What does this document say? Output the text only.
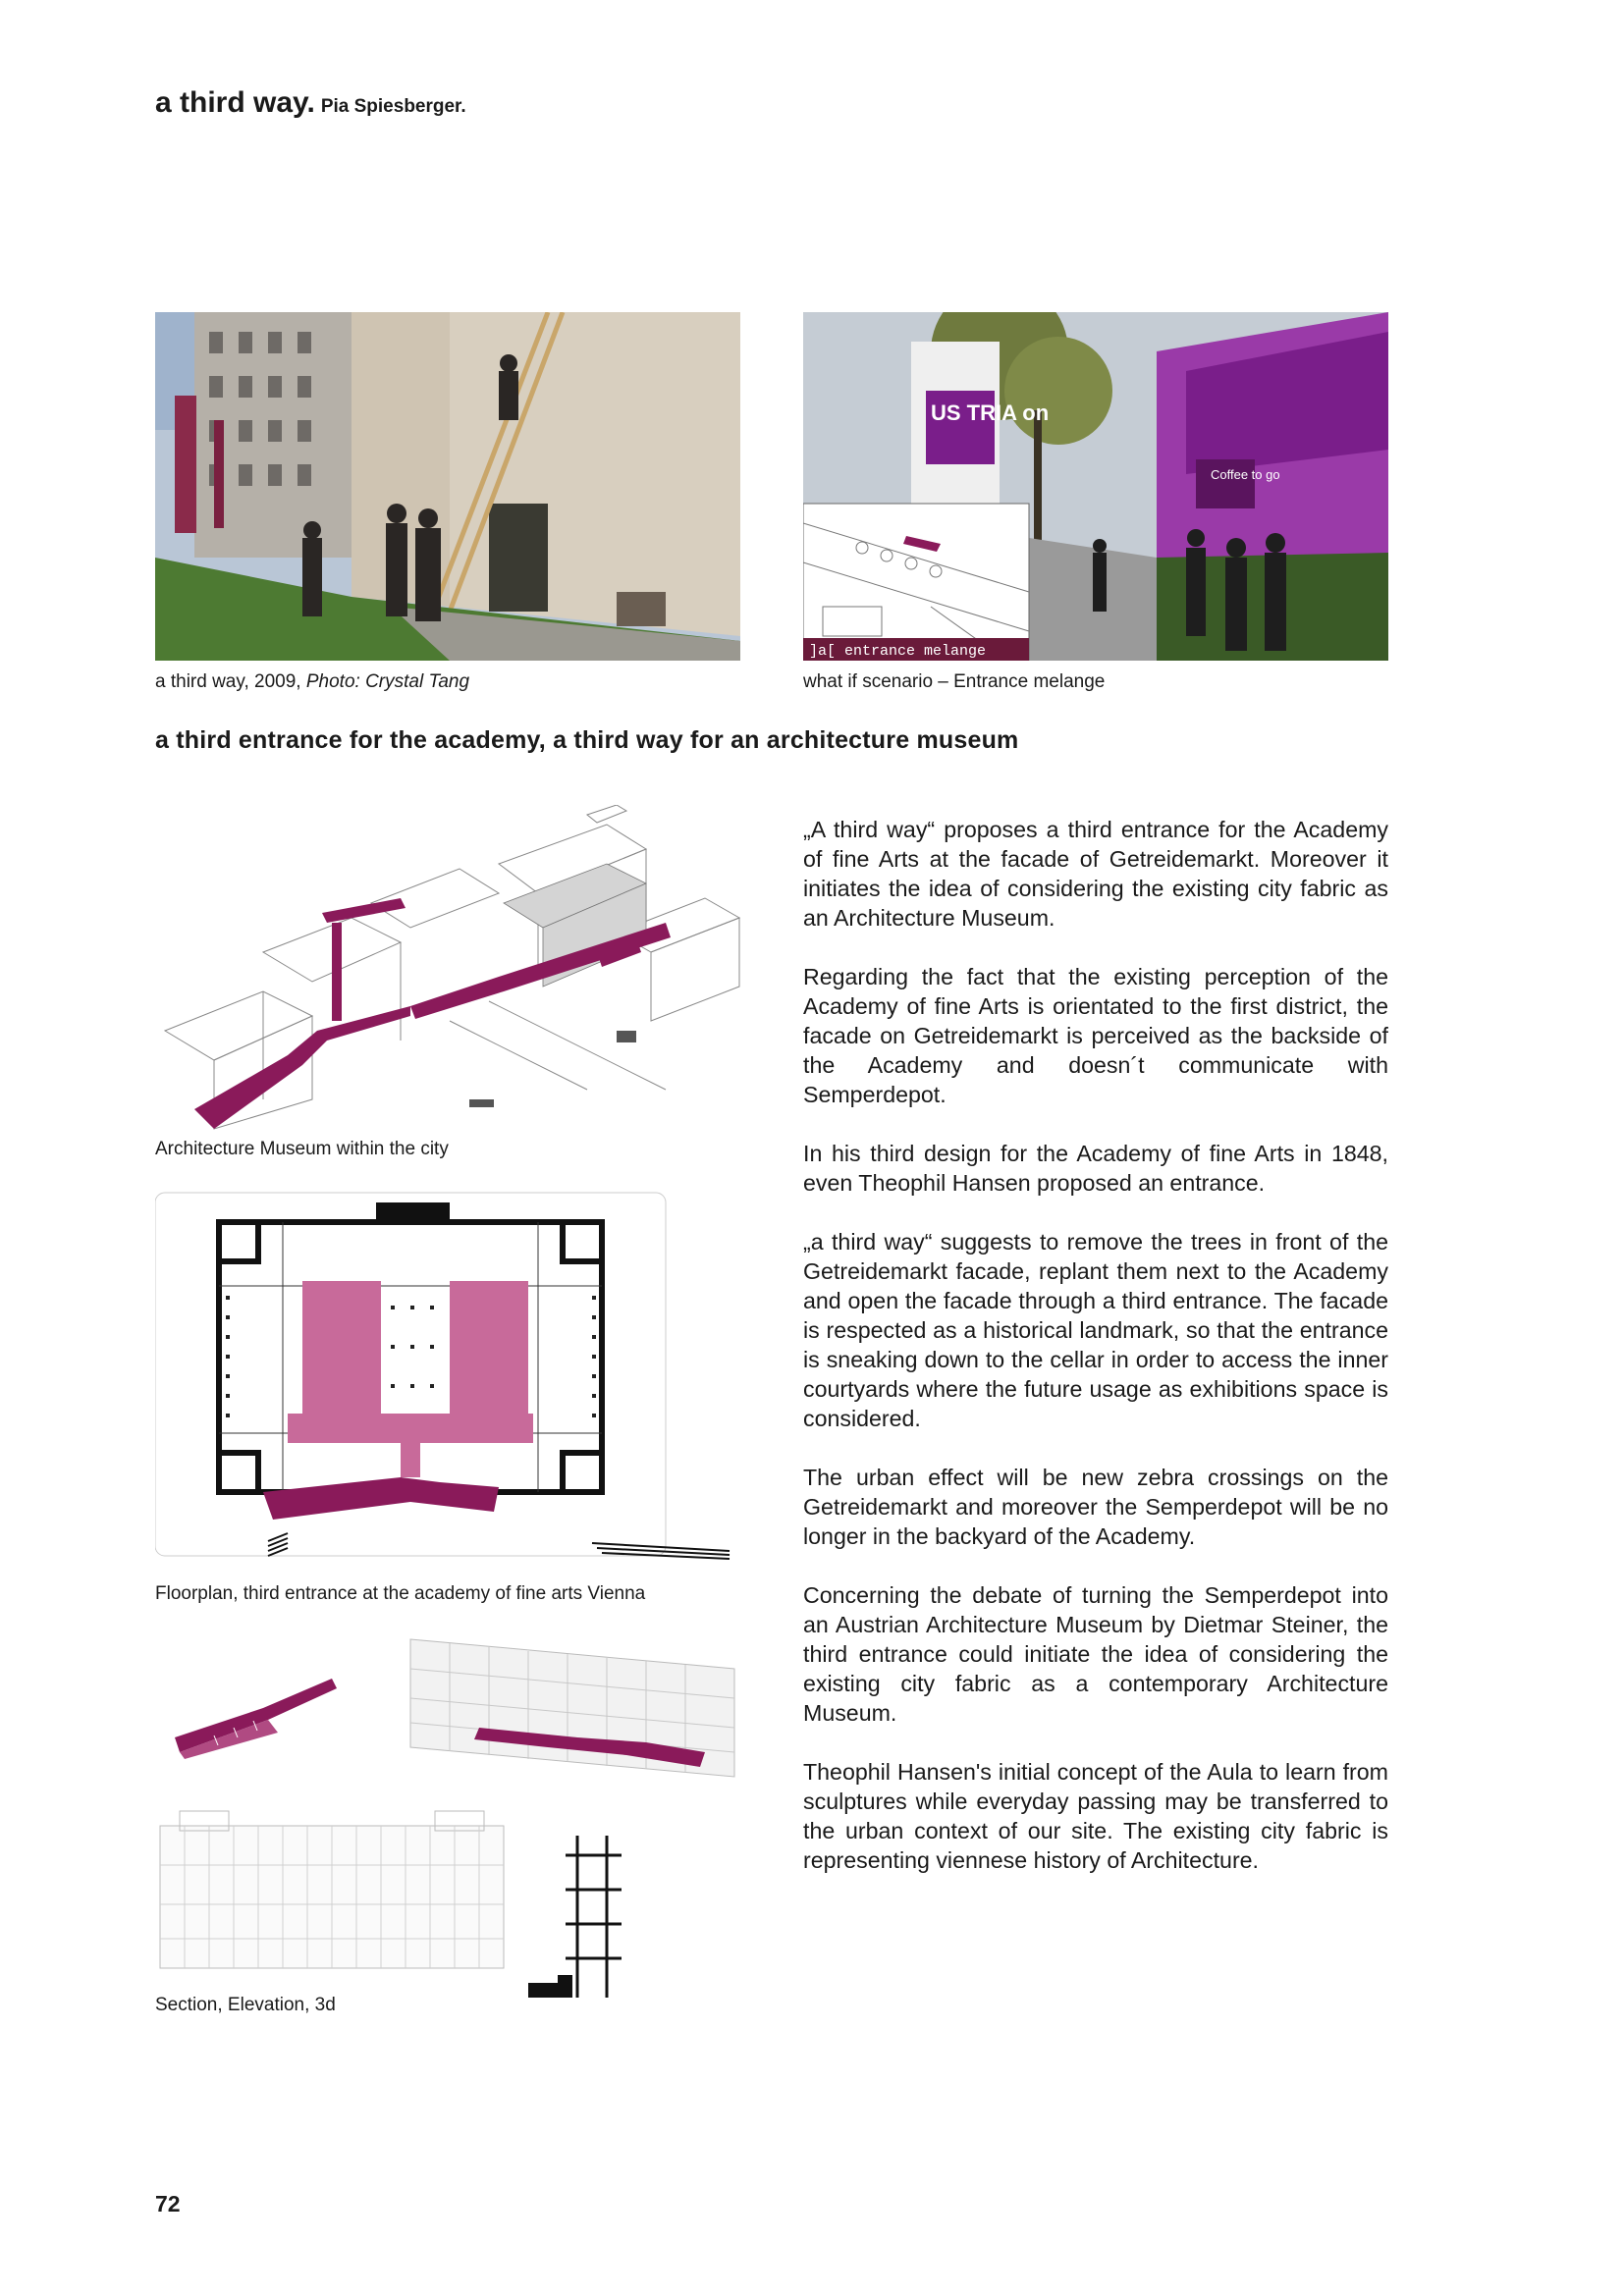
a third way. Pia Spiesberger.
a third way, 2009, Photo: Crystal Tang
Coffee to go
US TRIA on
]a[ entrance melange
what if scenario – Entrance melange
a third entrance for the academy, a third way for an architecture museum
Architecture Museum within the city
Floorplan, third entrance at the academy of fine arts Vienna
Section, Elevation, 3d

„A third way“ proposes a third entrance for the Academy of fine Arts at the facade of Getreidemarkt. Moreover it initiates the idea of considering the existing city fabric as an Architecture Museum.

Regarding the fact that the existing perception of the Academy of fine Arts is orientated to the first district, the facade on Getreidemarkt is perceived as the backside of the Academy and doesn´t communicate with Semperdepot.

In his third design for the Academy of fine Arts in 1848, even Theophil Hansen proposed an entrance.

„a third way“ suggests to remove the trees in front of the Getreidemarkt facade, replant them next to the Academy and open the facade through a third entrance. The facade is respected as a historical landmark, so that the entrance is sneaking down to the cellar in order to access the inner courtyards where the future usage as exhibitions space is considered.

The urban effect will be new zebra crossings on the Getreidemarkt and moreover the Semperdepot will be no longer in the backyard of the Academy.

Concerning the debate of turning the Semperdepot into an Austrian Architecture Museum by Dietmar Steiner, the third entrance could initiate the idea of considering the existing city fabric as a contemporary Architecture Museum.

Theophil Hansen's initial concept of the Aula to learn from sculptures while everyday passing may be transferred to the urban context of our site. The existing city fabric is representing viennese history of Architecture.

72
